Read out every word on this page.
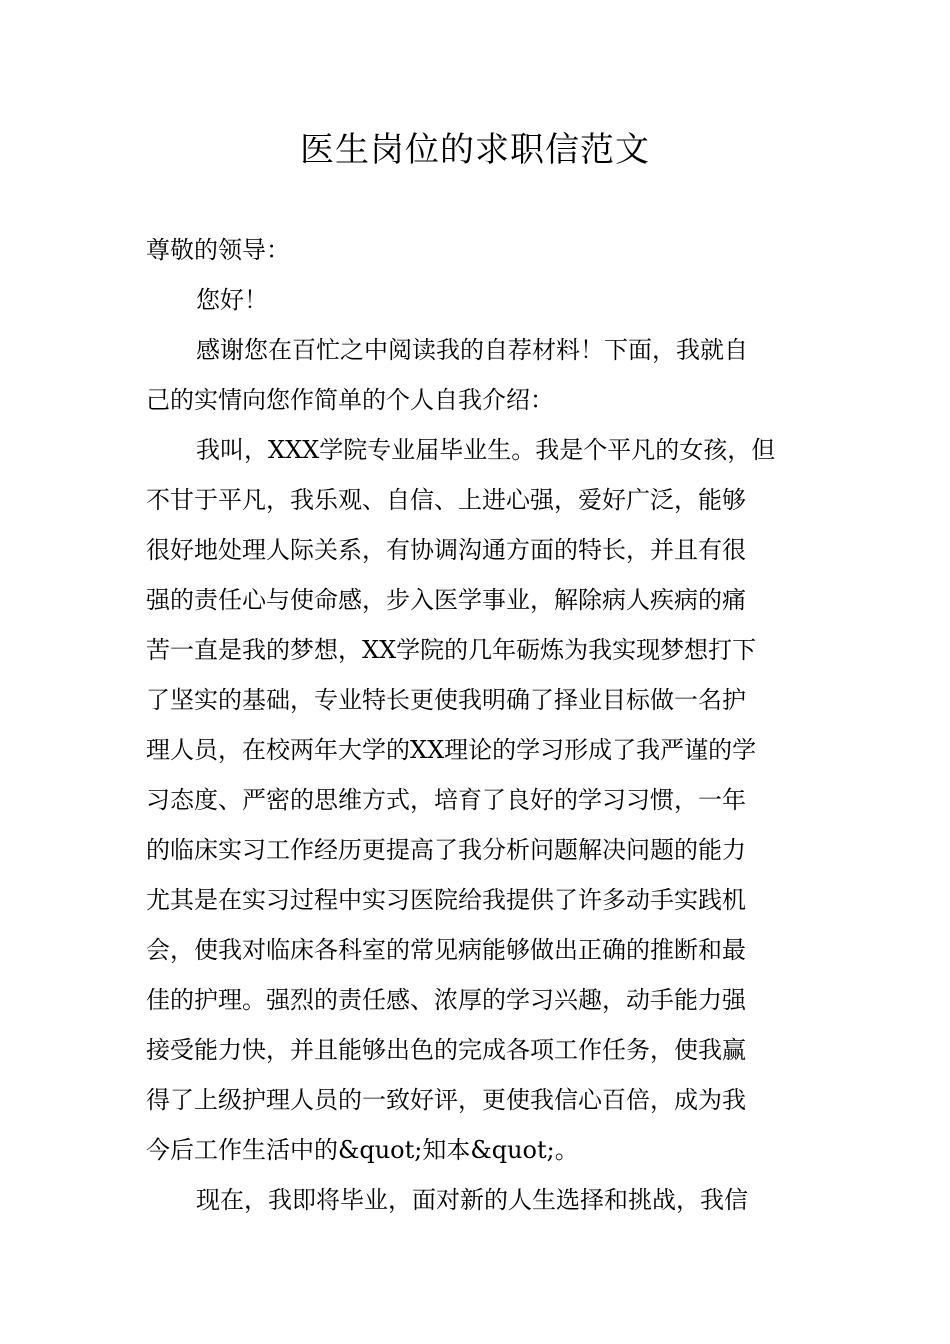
医生岗位的求职信范文
尊敬的领导：
您好！
感谢您在百忙之中阅读我的自荐材料！下面，我就自
己的实情向您作简单的个人自我介绍：
我叫，XXX学院专业届毕业生。我是个平凡的女孩，但
不甘于平凡，我乐观、自信、上进心强，爱好广泛，能够
很好地处理人际关系，有协调沟通方面的特长，并且有很
强的责任心与使命感，步入医学事业，解除病人疾病的痛
苦一直是我的梦想，XX学院的几年砺炼为我实现梦想打下
了坚实的基础，专业特长更使我明确了择业目标做一名护
理人员，在校两年大学的XX理论的学习形成了我严谨的学
习态度、严密的思维方式，培育了良好的学习习惯，一年
的临床实习工作经历更提高了我分析问题解决问题的能力
尤其是在实习过程中实习医院给我提供了许多动手实践机
会，使我对临床各科室的常见病能够做出正确的推断和最
佳的护理。强烈的责任感、浓厚的学习兴趣，动手能力强
接受能力快，并且能够出色的完成各项工作任务，使我赢
得了上级护理人员的一致好评，更使我信心百倍，成为我
今后工作生活中的&quot;知本&quot;。
现在，我即将毕业，面对新的人生选择和挑战，我信
